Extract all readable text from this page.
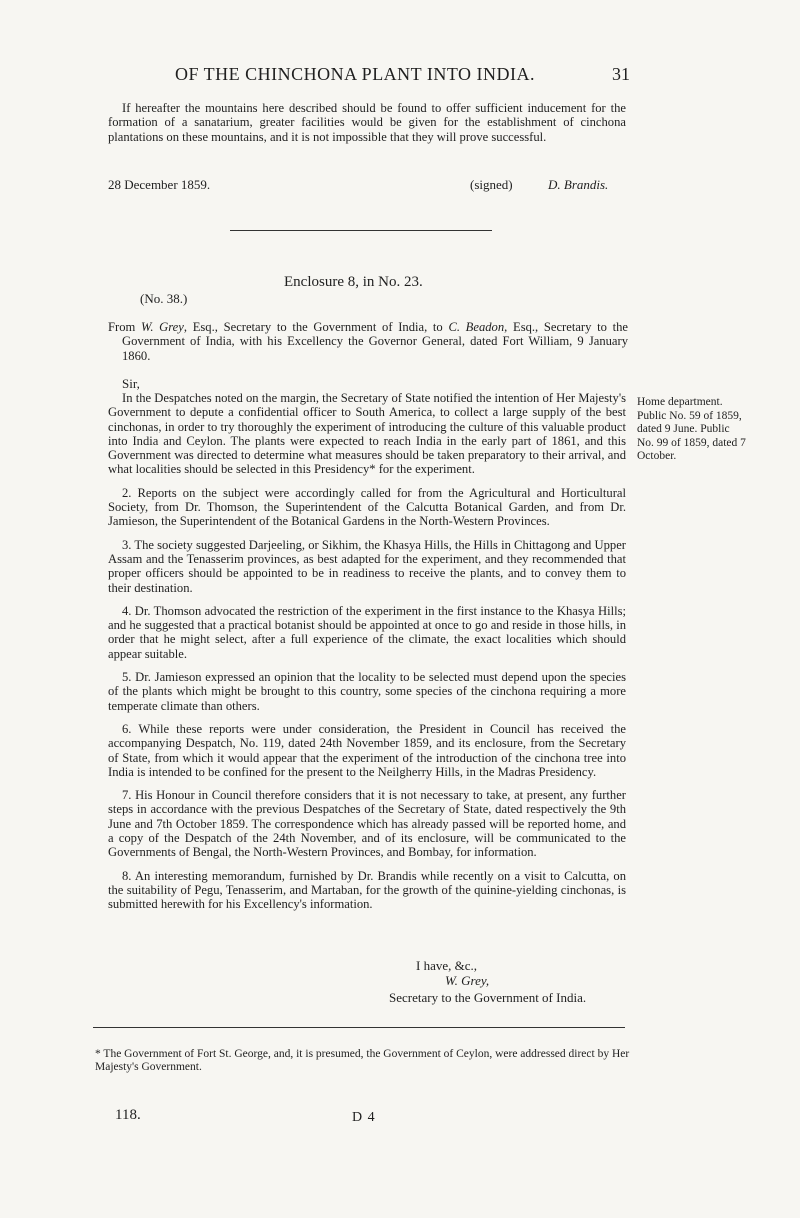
OF THE CHINCHONA PLANT INTO INDIA.	31

If hereafter the mountains here described should be found to offer sufficient inducement for the formation of a sanatarium, greater facilities would be given for the establishment of cinchona plantations on these mountains, and it is not impossible that they will prove successful.

28 December 1859.	(signed)	D. Brandis.
Enclosure 8, in No. 23.
(No. 38.)

From W. Grey, Esq., Secretary to the Government of India, to C. Beadon, Esq., Secretary to the Government of India, with his Excellency the Governor General, dated Fort William, 9 January 1860.

Sir,
Home department. Public No. 59 of 1859, dated 9 June. Public No. 99 of 1859, dated 7 October.

In the Despatches noted on the margin, the Secretary of State notified the intention of Her Majesty's Government to depute a confidential officer to South America, to collect a large supply of the best cinchonas, in order to try thoroughly the experiment of introducing the culture of this valuable product into India and Ceylon. The plants were expected to reach India in the early part of 1861, and this Government was directed to determine what measures should be taken preparatory to their arrival, and what localities should be selected in this Presidency* for the experiment.

2. Reports on the subject were accordingly called for from the Agricultural and Horticultural Society, from Dr. Thomson, the Superintendent of the Calcutta Botanical Garden, and from Dr. Jamieson, the Superintendent of the Botanical Gardens in the North-Western Provinces.

3. The society suggested Darjeeling, or Sikhim, the Khasya Hills, the Hills in Chittagong and Upper Assam and the Tenasserim provinces, as best adapted for the experiment, and they recommended that proper officers should be appointed to be in readiness to receive the plants, and to convey them to their destination.

4. Dr. Thomson advocated the restriction of the experiment in the first instance to the Khasya Hills; and he suggested that a practical botanist should be appointed at once to go and reside in those hills, in order that he might select, after a full experience of the climate, the exact localities which should appear suitable.

5. Dr. Jamieson expressed an opinion that the locality to be selected must depend upon the species of the plants which might be brought to this country, some species of the cinchona requiring a more temperate climate than others.

6. While these reports were under consideration, the President in Council has received the accompanying Despatch, No. 119, dated 24th November 1859, and its enclosure, from the Secretary of State, from which it would appear that the experiment of the introduction of the cinchona tree into India is intended to be confined for the present to the Neilgherry Hills, in the Madras Presidency.

7. His Honour in Council therefore considers that it is not necessary to take, at present, any further steps in accordance with the previous Despatches of the Secretary of State, dated respectively the 9th June and 7th October 1859. The correspondence which has already passed will be reported home, and a copy of the Despatch of the 24th November, and of its enclosure, will be communicated to the Governments of Bengal, the North-Western Provinces, and Bombay, for information.

8. An interesting memorandum, furnished by Dr. Brandis while recently on a visit to Calcutta, on the suitability of Pegu, Tenasserim, and Martaban, for the growth of the quinine-yielding cinchonas, is submitted herewith for his Excellency's information.

I have, &c.,
W. Grey,
Secretary to the Government of India.
* The Government of Fort St. George, and, it is presumed, the Government of Ceylon, were addressed direct by Her Majesty's Government.
118.	D 4
